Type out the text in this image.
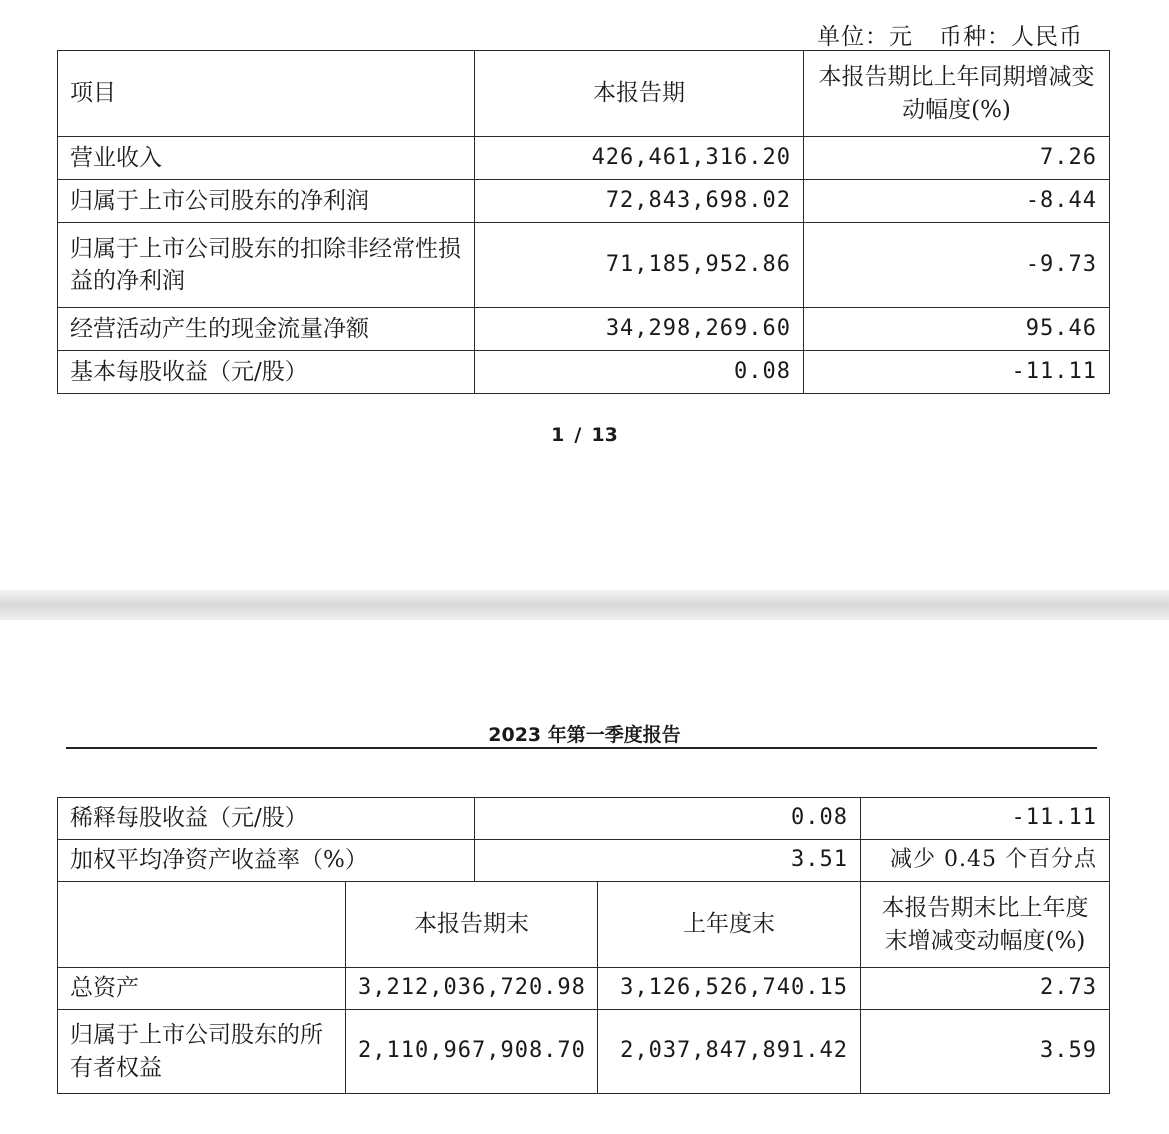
单位：元 币种：人民币
项目	本报告期	本报告期比上年同期增减变动幅度(%)
营业收入	426,461,316.20	7.26
归属于上市公司股东的净利润	72,843,698.02	-8.44
归属于上市公司股东的扣除非经常性损益的净利润	71,185,952.86	-9.73
经营活动产生的现金流量净额	34,298,269.60	95.46
基本每股收益（元/股）	0.08	-11.11
1 / 13
2023 年第一季度报告
稀释每股收益（元/股）		0.08		-11.11
加权平均净资产收益率（%）		3.51		减少 0.45 个百分点
	本报告期末		上年度末	本报告期末比上年度末增减变动幅度(%)
总资产	3,212,036,720.98		3,126,526,740.15	2.73
归属于上市公司股东的所有者权益	2,110,967,908.70		2,037,847,891.42	3.59
